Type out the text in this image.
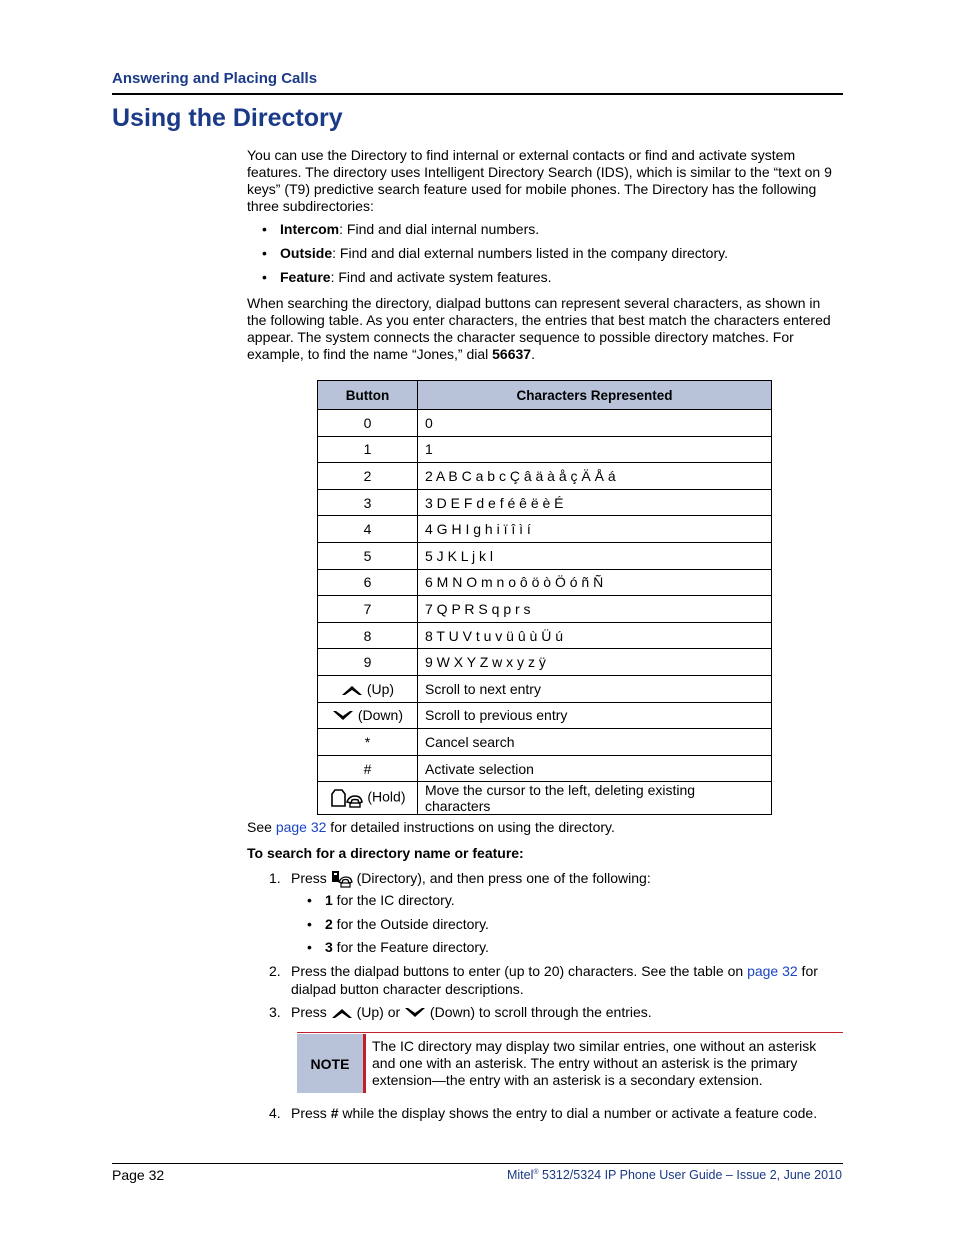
Answering and Placing Calls
Using the Directory
You can use the Directory to find internal or external contacts or find and activate system features. The directory uses Intelligent Directory Search (IDS), which is similar to the “text on 9 keys” (T9) predictive search feature used for mobile phones. The Directory has the following three subdirectories:
• Intercom: Find and dial internal numbers.
• Outside: Find and dial external numbers listed in the company directory.
• Feature: Find and activate system features.
When searching the directory, dialpad buttons can represent several characters, as shown in the following table. As you enter characters, the entries that best match the characters entered appear. The system connects the character sequence to possible directory matches. For example, to find the name “Jones,” dial 56637.
Button	Characters Represented
0	0
1	1
2	2 A B C a b c Ç â ä à å ç Ä Å á
3	3 D E F d e f é ê ë è É
4	4 G H I g h i ï î ì í
5	5 J K L j k l
6	6 M N O m n o ô ö ò Ö ó ñ Ñ
7	7 Q P R S q p r s
8	8 T U V t u v ü û ù Ü ú
9	9 W X Y Z w x y z ÿ
(Up)	Scroll to next entry
(Down)	Scroll to previous entry
*	Cancel search
#	Activate selection
(Hold)	Move the cursor to the left, deleting existing characters
See page 32 for detailed instructions on using the directory.
To search for a directory name or feature:
1. Press  (Directory), and then press one of the following:
• 1 for the IC directory.
• 2 for the Outside directory.
• 3 for the Feature directory.
2. Press the dialpad buttons to enter (up to 20) characters. See the table on page 32 for dialpad button character descriptions.
3. Press  (Up) or  (Down) to scroll through the entries.
NOTE
The IC directory may display two similar entries, one without an asterisk and one with an asterisk. The entry without an asterisk is the primary extension—the entry with an asterisk is a secondary extension.
4. Press # while the display shows the entry to dial a number or activate a feature code.
Page 32	Mitel® 5312/5324 IP Phone User Guide – Issue 2, June 2010
